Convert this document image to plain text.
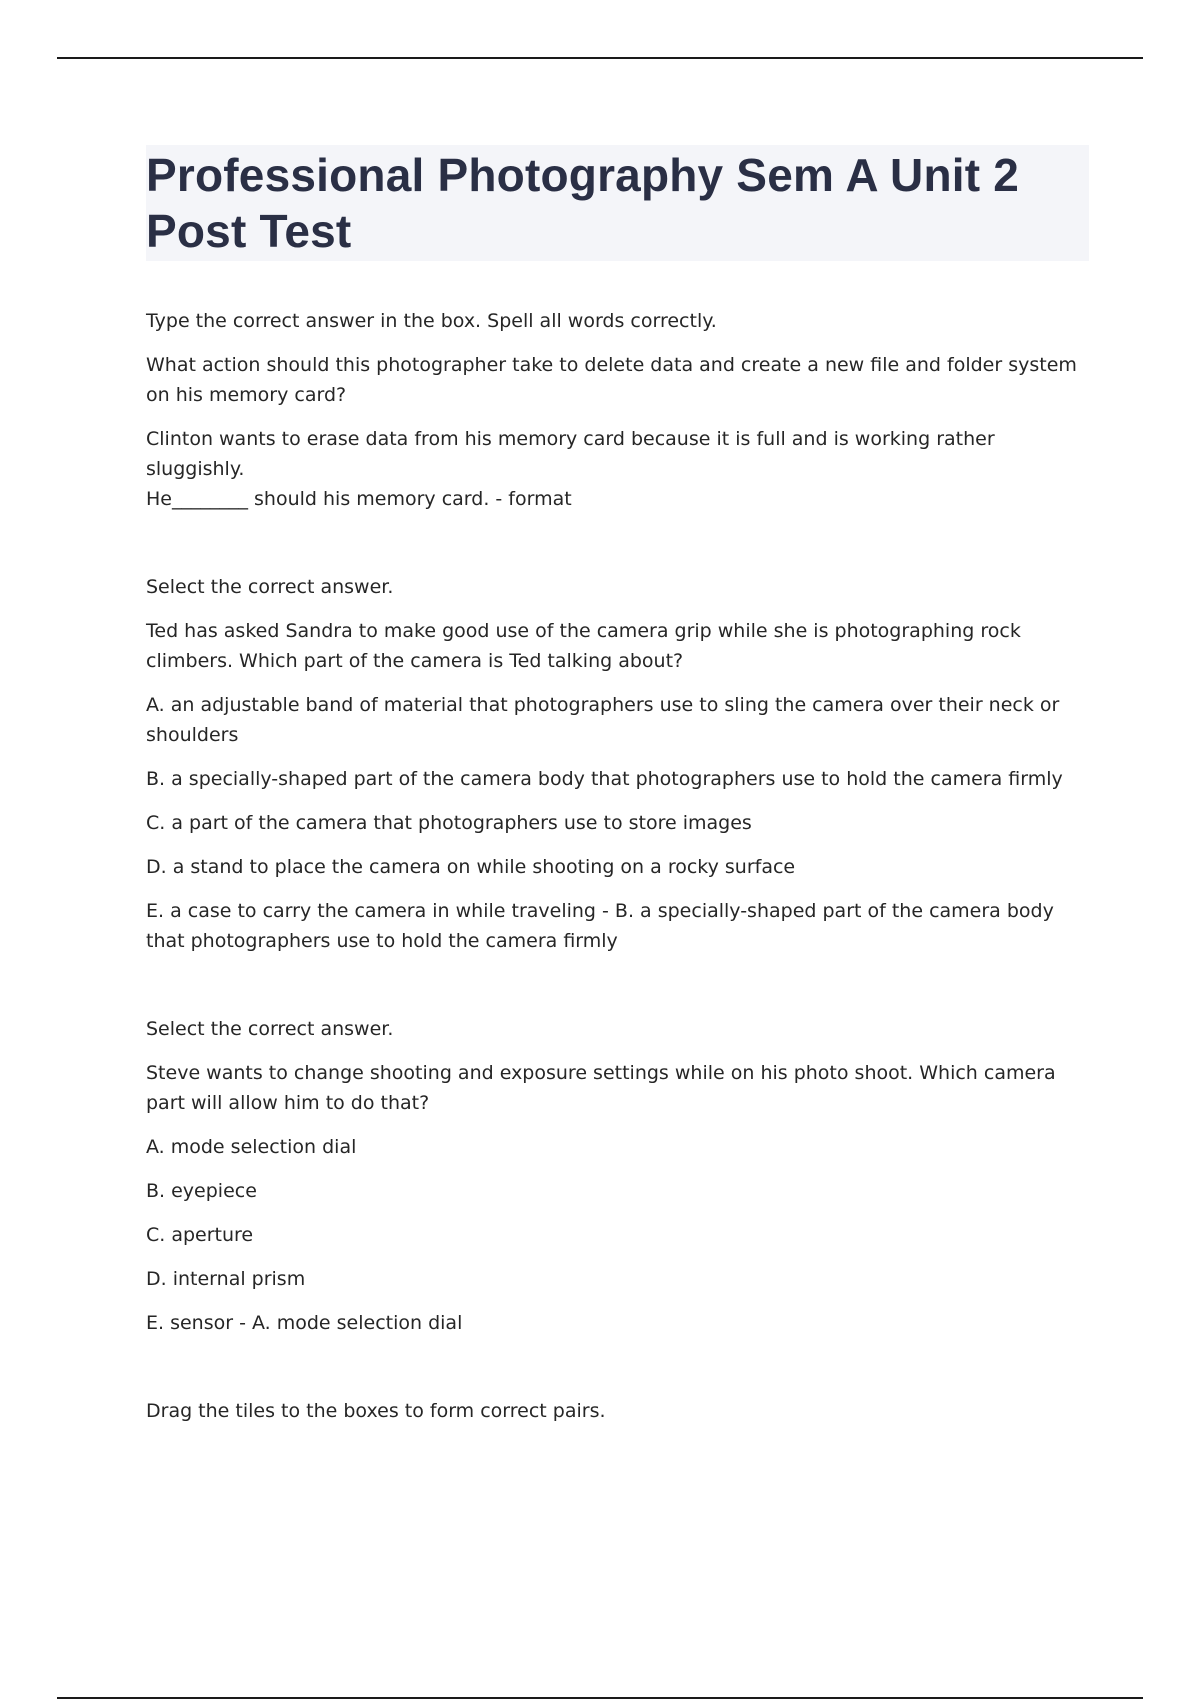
Professional Photography Sem A Unit 2 Post Test

Type the correct answer in the box. Spell all words correctly.

What action should this photographer take to delete data and create a new file and folder system on his memory card?

Clinton wants to erase data from his memory card because it is full and is working rather sluggishly.
He________ should his memory card. - format

Select the correct answer.

Ted has asked Sandra to make good use of the camera grip while she is photographing rock climbers. Which part of the camera is Ted talking about?

A. an adjustable band of material that photographers use to sling the camera over their neck or shoulders

B. a specially-shaped part of the camera body that photographers use to hold the camera firmly

C. a part of the camera that photographers use to store images

D. a stand to place the camera on while shooting on a rocky surface

E. a case to carry the camera in while traveling - B. a specially-shaped part of the camera body that photographers use to hold the camera firmly

Select the correct answer.

Steve wants to change shooting and exposure settings while on his photo shoot. Which camera part will allow him to do that?

A. mode selection dial

B. eyepiece

C. aperture

D. internal prism

E. sensor - A. mode selection dial

Drag the tiles to the boxes to form correct pairs.
